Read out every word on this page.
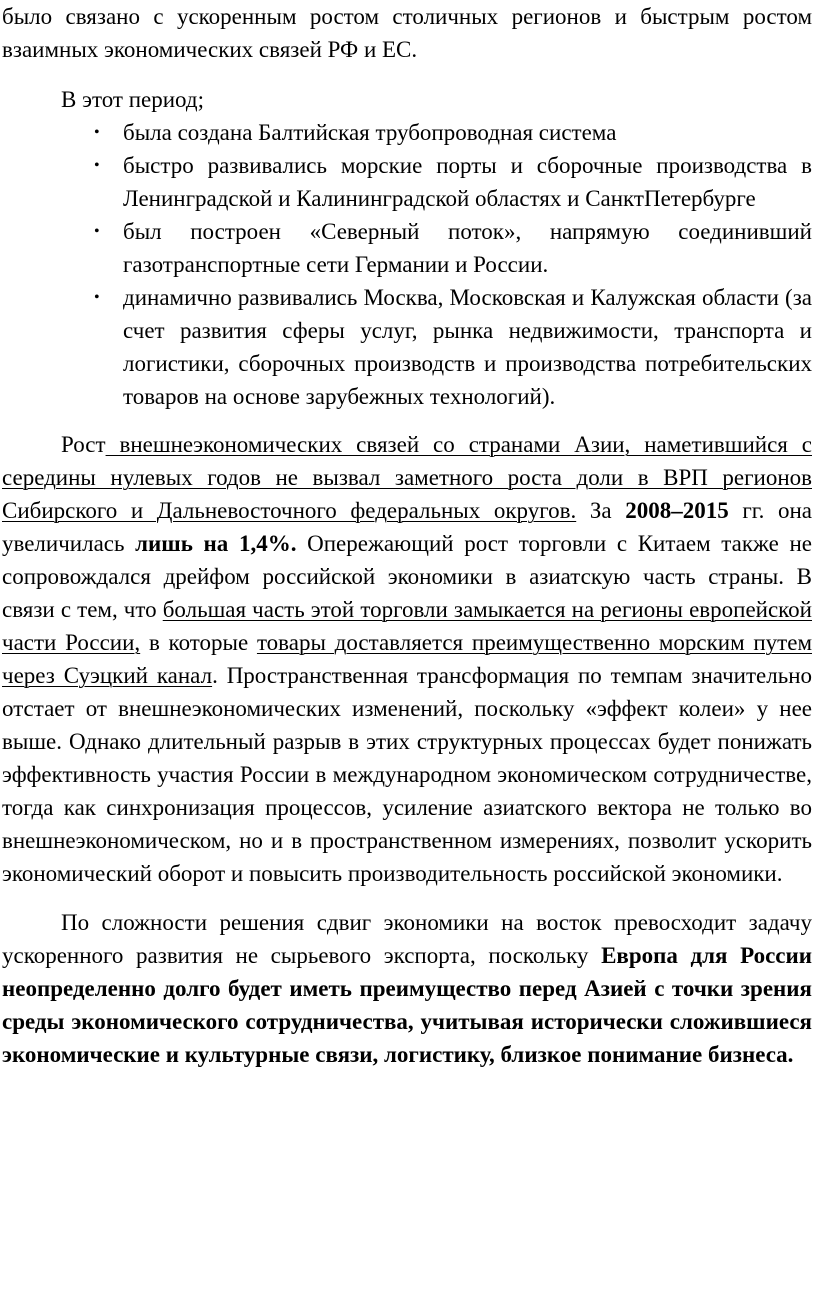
было связано с ускоренным ростом столичных регионов и быстрым ростом взаимных экономических связей РФ и ЕС.

В этот период;

• была создана Балтийская трубопроводная система
• быстро развивались морские порты и сборочные производства в Ленинградской и Калининградской областях и СанктПетербурге
• был построен «Северный поток», напрямую соединивший газотранспортные сети Германии и России.
• динамично развивались Москва, Московская и Калужская области (за счет развития сферы услуг, рынка недвижимости, транспорта и логистики, сборочных производств и производства потребительских товаров на основе зарубежных технологий).

Рост внешнеэкономических связей со странами Азии, наметившийся с середины нулевых годов не вызвал заметного роста доли в ВРП регионов Сибирского и Дальневосточного федеральных округов. За 2008–2015 гг. она увеличилась лишь на 1,4%. Опережающий рост торговли с Китаем также не сопровождался дрейфом российской экономики в азиатскую часть страны. В связи с тем, что большая часть этой торговли замыкается на регионы европейской части России, в которые товары доставляется преимущественно морским путем через Суэцкий канал. Пространственная трансформация по темпам значительно отстает от внешнеэкономических изменений, поскольку «эффект колеи» у нее выше. Однако длительный разрыв в этих структурных процессах будет понижать эффективность участия России в международном экономическом сотрудничестве, тогда как синхронизация процессов, усиление азиатского вектора не только во внешнеэкономическом, но и в пространственном измерениях, позволит ускорить экономический оборот и повысить производительность российской экономики.

По сложности решения сдвиг экономики на восток превосходит задачу ускоренного развития не сырьевого экспорта, поскольку Европа для России неопределенно долго будет иметь преимущество перед Азией с точки зрения среды экономического сотрудничества, учитывая исторически сложившиеся экономические и культурные связи, логистику, близкое понимание бизнеса.
